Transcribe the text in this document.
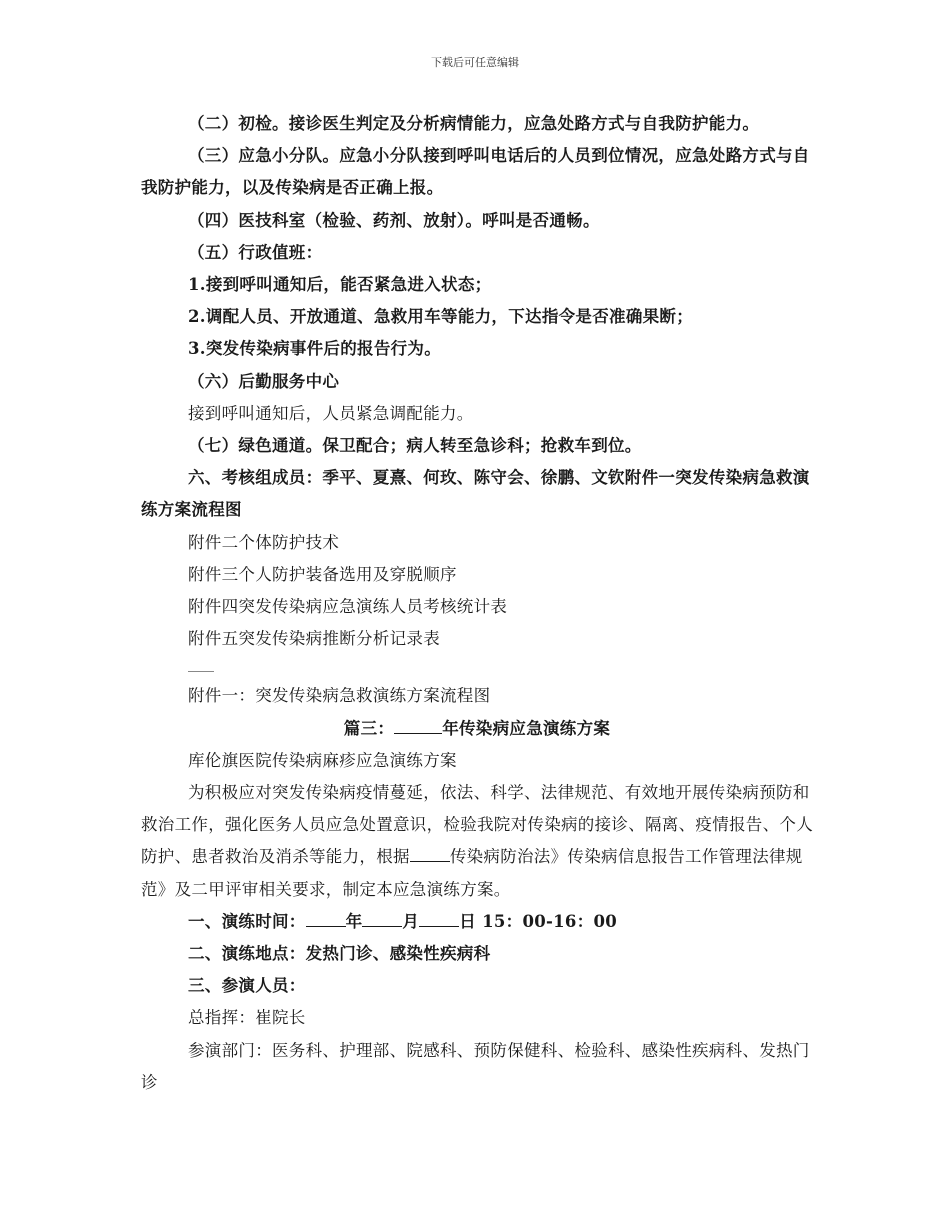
下载后可任意编辑

（二）初检。接诊医生判定及分析病情能力，应急处路方式与自我防护能力。

（三）应急小分队。应急小分队接到呼叫电话后的人员到位情况，应急处路方式与自我防护能力，以及传染病是否正确上报。

（四）医技科室（检验、药剂、放射）。呼叫是否通畅。

（五）行政值班：

1.接到呼叫通知后，能否紧急进入状态；

2.调配人员、开放通道、急救用车等能力，下达指令是否准确果断；

3.突发传染病事件后的报告行为。

（六）后勤服务中心

接到呼叫通知后，人员紧急调配能力。

（七）绿色通道。保卫配合；病人转至急诊科；抢救车到位。

六、考核组成员：季平、夏熹、何玫、陈守会、徐鹏、文钦附件一突发传染病急救演练方案流程图

附件二个体防护技术

附件三个人防护装备选用及穿脱顺序

附件四突发传染病应急演练人员考核统计表

附件五突发传染病推断分析记录表

附件一：突发传染病急救演练方案流程图

篇三：	年传染病应急演练方案

库伦旗医院传染病麻疹应急演练方案

为积极应对突发传染病疫情蔓延，依法、科学、法律规范、有效地开展传染病预防和救治工作，强化医务人员应急处置意识，检验我院对传染病的接诊、隔离、疫情报告、个人防护、患者救治及消杀等能力，根据 传染病防治法》传染病信息报告工作管理法律规范》及二甲评审相关要求，制定本应急演练方案。

一、演练时间： 年 月 日 15：00-16：00

二、演练地点：发热门诊、感染性疾病科

三、参演人员：

总指挥：崔院长

参演部门：医务科、护理部、院感科、预防保健科、检验科、感染性疾病科、发热门诊
